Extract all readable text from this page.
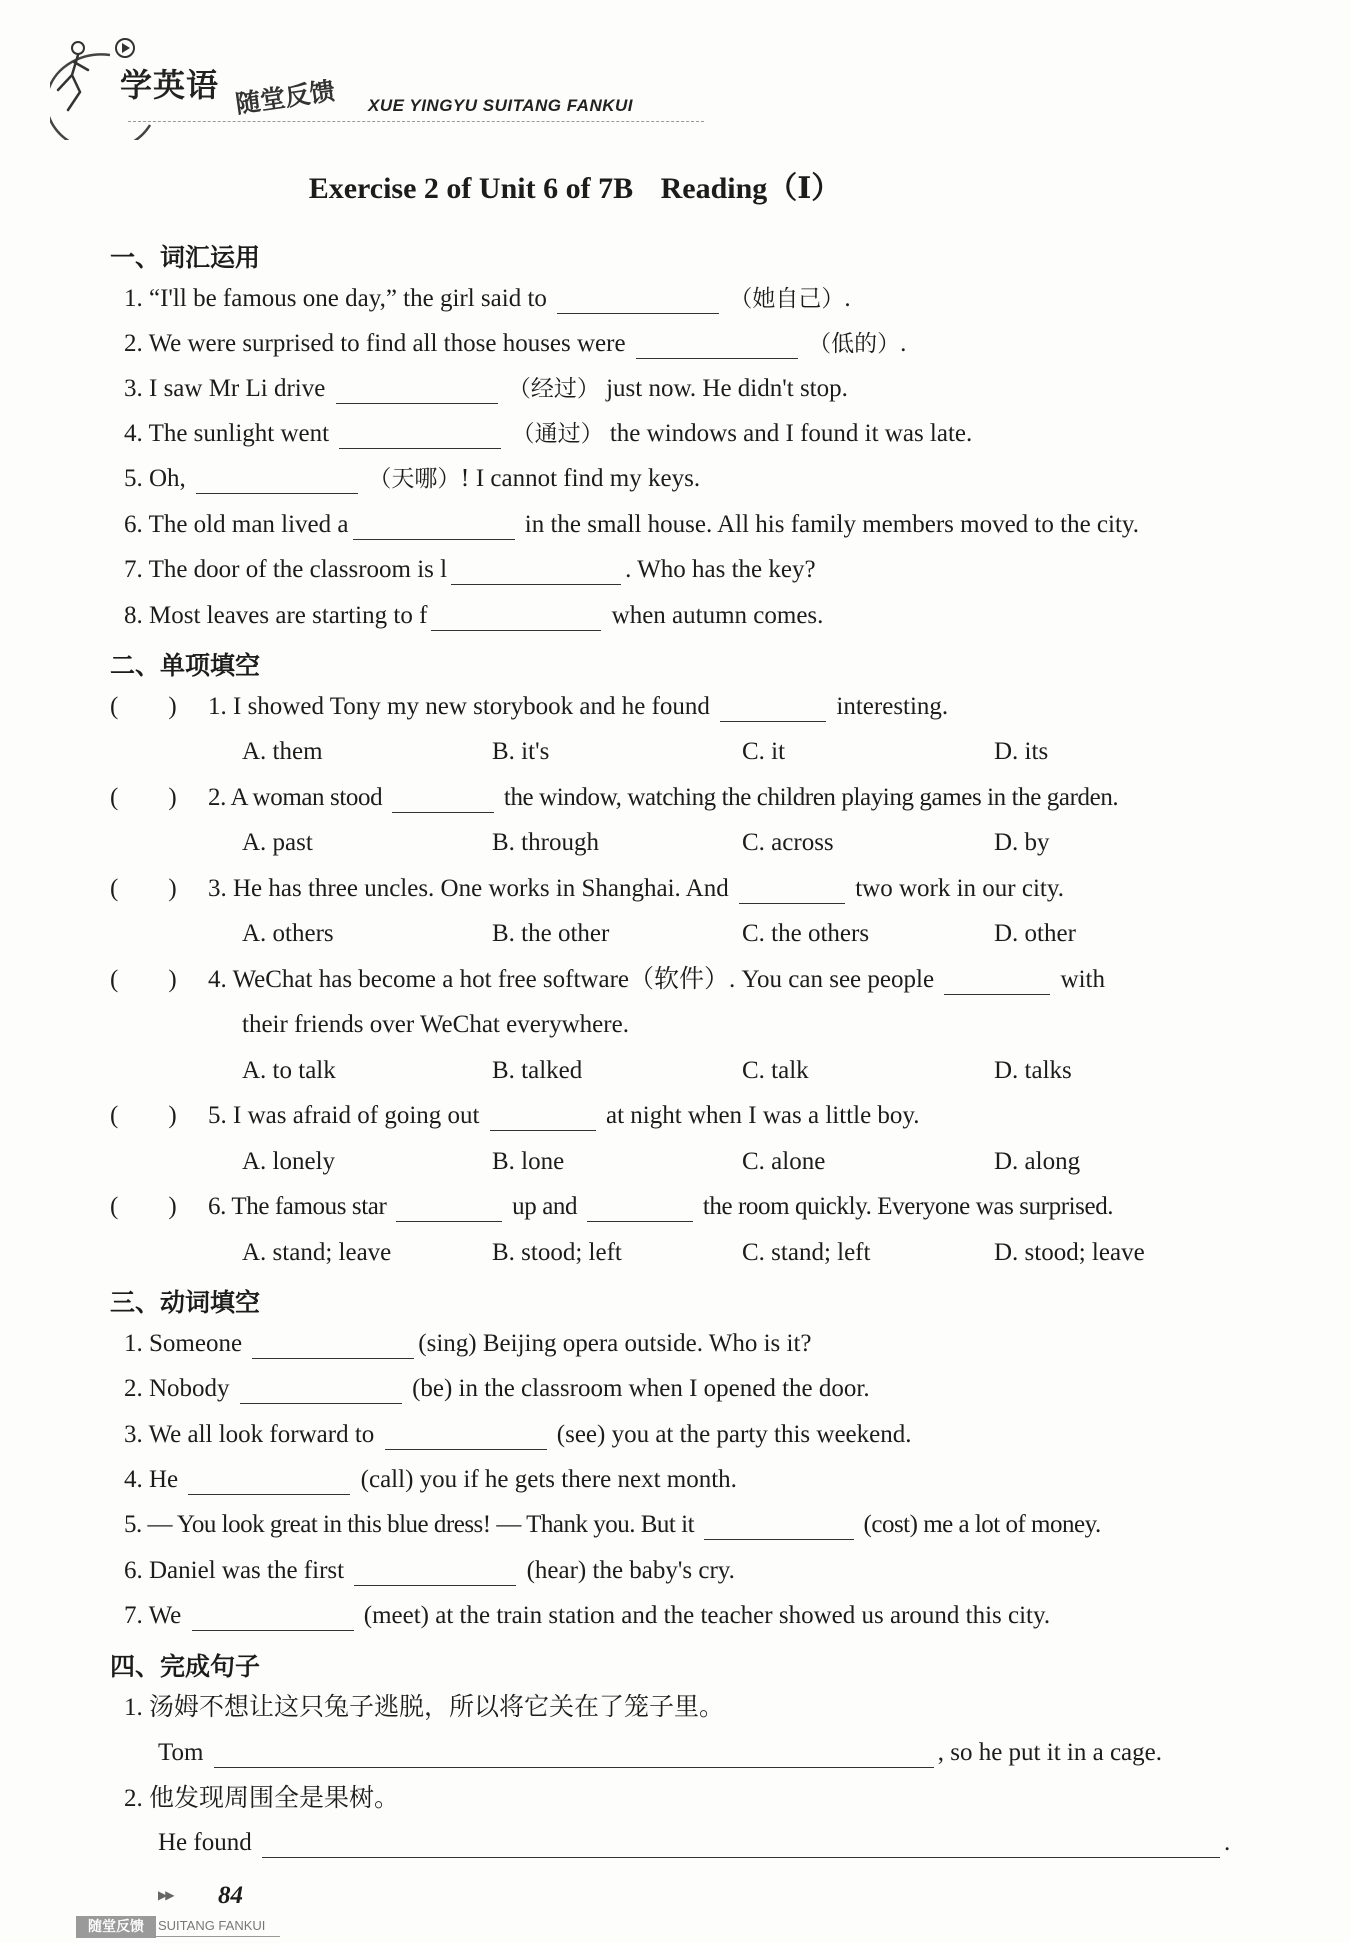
学英语 随堂反馈 XUE YINGYU SUITANG FANKUI
Exercise 2 of Unit 6 of 7B Reading（Ⅰ）
一、词汇运用
1. “I'll be famous one day,” the girl said to	（她自己）.
2. We were surprised to find all those houses were	（低的）.
3. I saw Mr Li drive	（经过） just now. He didn't stop.
4. The sunlight went	（通过） the windows and I found it was late.
5. Oh,	（天哪）! I cannot find my keys.
6. The old man lived a	in the small house. All his family members moved to the city.
7. The door of the classroom is l	. Who has the key?
8. Most leaves are starting to f	when autumn comes.
二、单项填空
(　　) 1. I showed Tony my new storybook and he found	interesting.
A. them	B. it's	C. it	D. its
(　　) 2. A woman stood	the window, watching the children playing games in the garden.
A. past	B. through	C. across	D. by
(　　) 3. He has three uncles. One works in Shanghai. And	two work in our city.
A. others	B. the other	C. the others	D. other
(　　) 4. WeChat has become a hot free software（软件）. You can see people	with
their friends over WeChat everywhere.
A. to talk	B. talked	C. talk	D. talks
(　　) 5. I was afraid of going out	at night when I was a little boy.
A. lonely	B. lone	C. alone	D. along
(　　) 6. The famous star	up and	the room quickly. Everyone was surprised.
A. stand; leave	B. stood; left	C. stand; left	D. stood; leave
三、动词填空
1. Someone	(sing) Beijing opera outside. Who is it?
2. Nobody	(be) in the classroom when I opened the door.
3. We all look forward to	(see) you at the party this weekend.
4. He	(call) you if he gets there next month.
5. — You look great in this blue dress! — Thank you. But it	(cost) me a lot of money.
6. Daniel was the first	(hear) the baby's cry.
7. We	(meet) at the train station and the teacher showed us around this city.
四、完成句子
1. 汤姆不想让这只兔子逃脱，所以将它关在了笼子里。
Tom	, so he put it in a cage.
2. 他发现周围全是果树。
He found	.
▶▶ 84
随堂反馈	SUITANG FANKUI
